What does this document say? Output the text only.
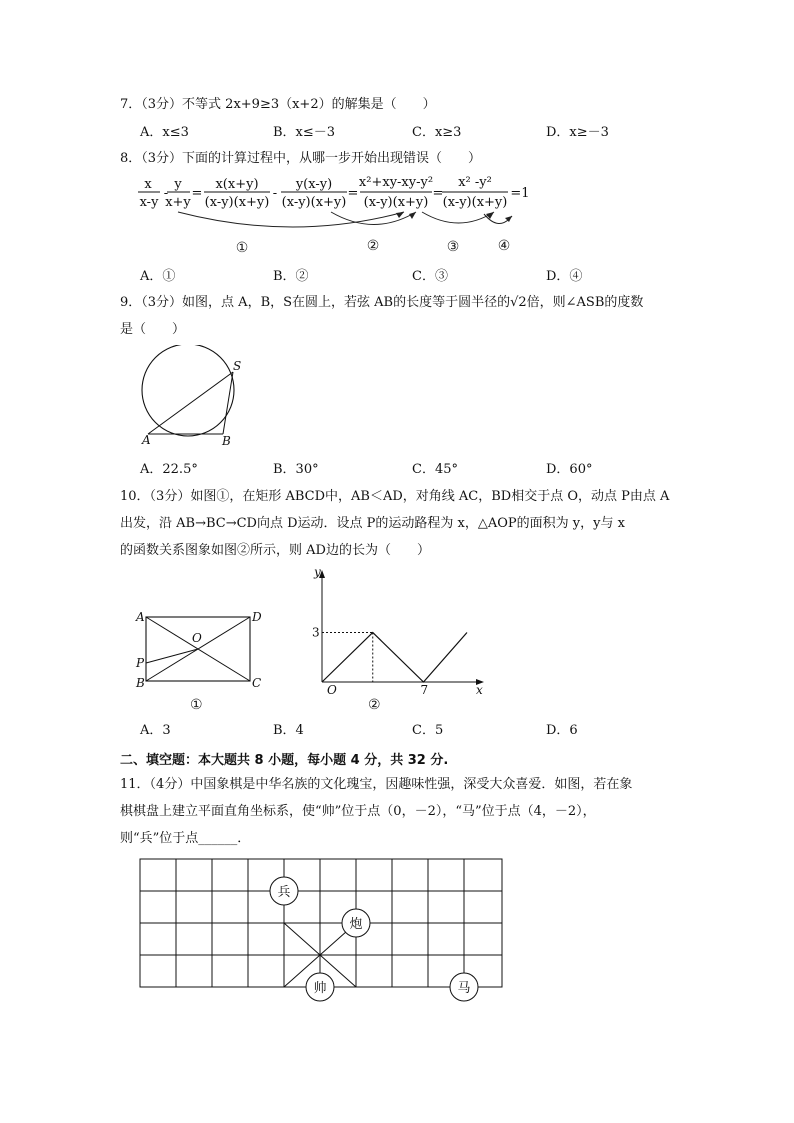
7．（3分）不等式 2x+9≥3（x+2）的解集是（　　）
A．x≤3	B．x≤－3	C．x≥3	D．x≥－3
8．（3分）下面的计算过程中，从哪一步开始出现错误（　　）
x
x-y
-
y
x+y
=
x(x+y)
(x-y)(x+y)
-
y(x-y)
(x-y)(x+y)
=
x²+xy-xy-y²
(x-y)(x+y)
=
x² -y²
(x-y)(x+y)
=1
①	②	③	④
A．①	B．②	C．③	D．④
9．（3分）如图，点 A，B，S在圆上，若弦 AB的长度等于圆半径的√2倍，则∠ASB的度数
是（　　）
S
A	B
A．22.5°	B．30°	C．45°	D．60°
10．（3分）如图①，在矩形 ABCD中，AB＜AD，对角线 AC，BD相交于点 O，动点 P由点 A
出发，沿 AB→BC→CD向点 D运动．设点 P的运动路程为 x，△AOP的面积为 y，y与 x
的函数关系图象如图②所示，则 AD边的长为（　　）
A
B	C
D
O
P
①
y
x
O
3
7
②
A．3	B．4	C．5	D．6
二、填空题：本大题共 8 小题，每小题 4 分，共 32 分.
11．（4分）中国象棋是中华名族的文化瑰宝，因趣味性强，深受大众喜爱．如图，若在象
棋棋盘上建立平面直角坐标系，使“帅”位于点（0，－2），“马”位于点（4，－2），
则“兵”位于点______．
兵
炮
帅	马
